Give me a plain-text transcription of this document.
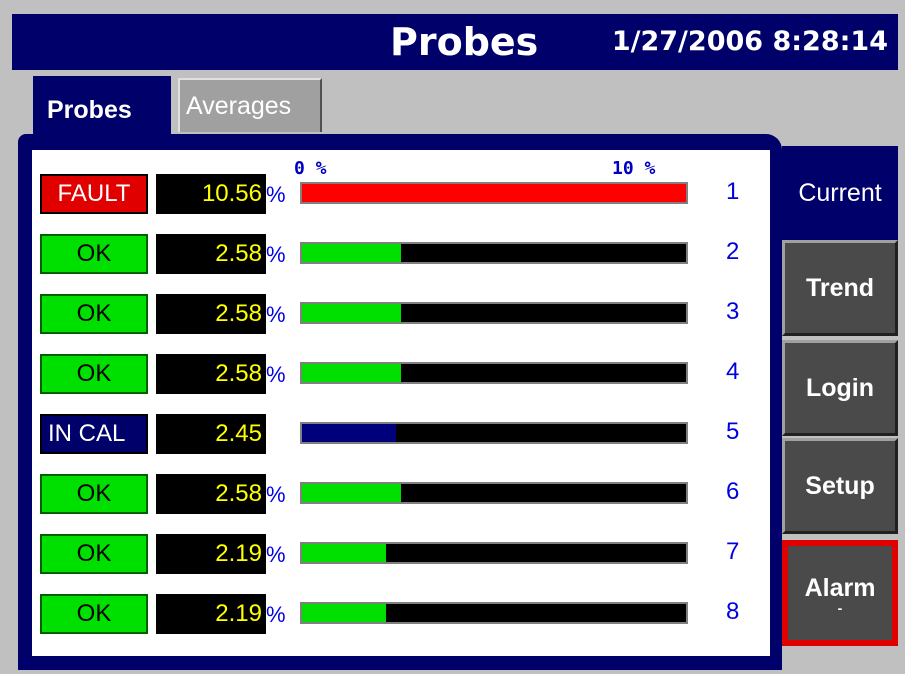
Probes	1/27/2006 8:28:14
Probes Averages
0 %	10 %
FAULT	10.56 %	1
OK	2.58 %	2
OK	2.58 %	3
OK	2.58 %	4
IN CAL	2.45	5
OK	2.58 %	6
OK	2.19 %	7
OK	2.19 %	8
Current
Trend
Login
Setup
Alarm
-
